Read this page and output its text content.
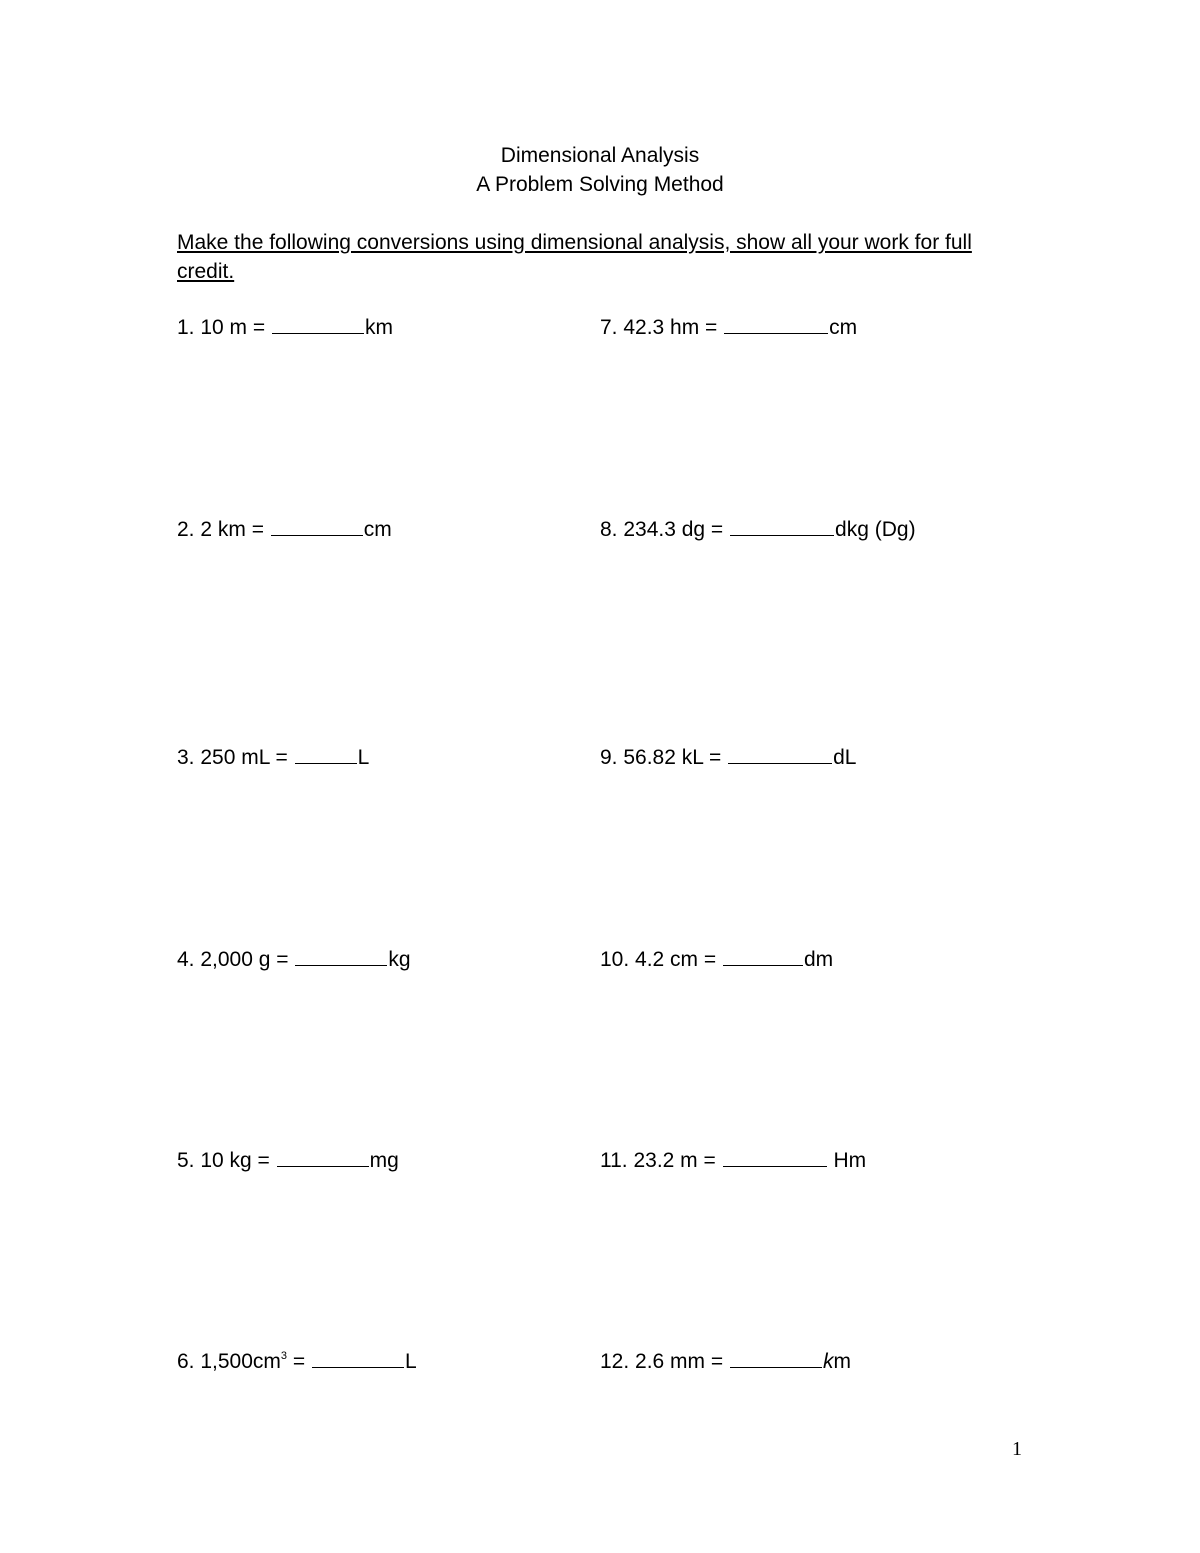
Dimensional Analysis
A Problem Solving Method
Make the following conversions using dimensional analysis, show all your work for full credit.
1. 10 m =	km
2. 2 km =	cm
3. 250 mL =	L
4. 2,000 g =	kg
5. 10 kg =	mg
6. $1,500cm^3$ =	L
7. 42.3 hm =	cm
8. 234.3 dg =	dkg (Dg)
9. 56.82 kL =	dL
10. 4.2 cm =	dm
11. 23.2 m =	Hm
12. 2.6 mm =	km
1
